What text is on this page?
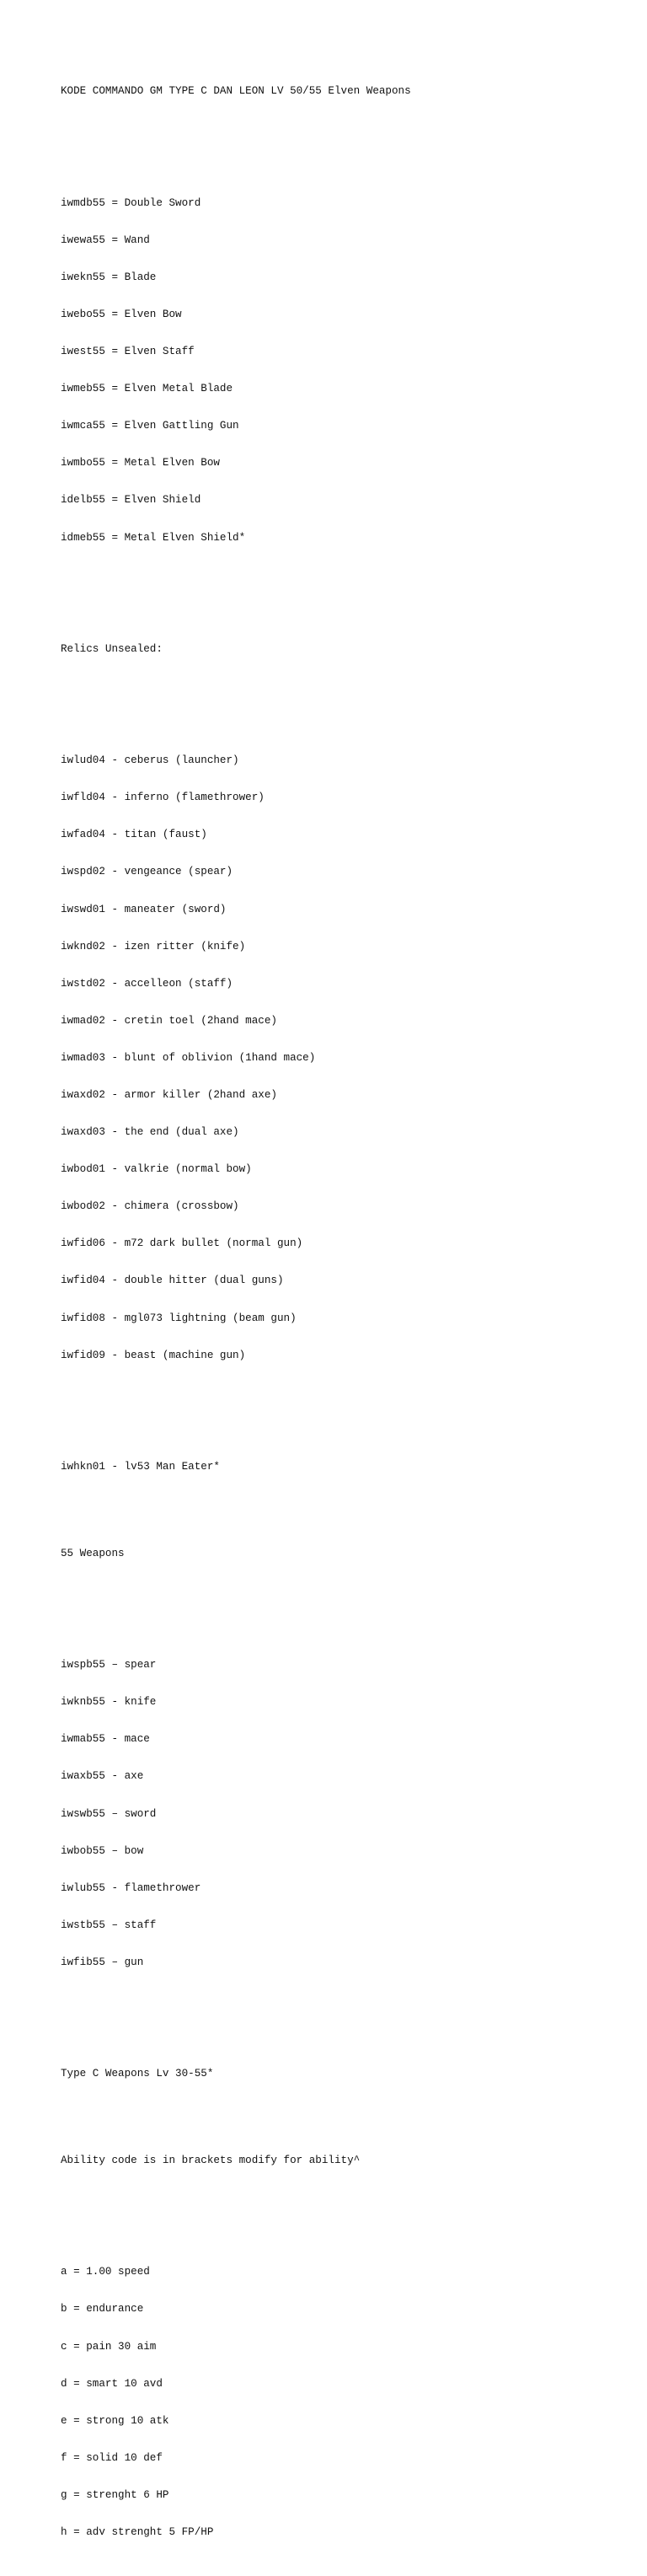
KODE COMMANDO GM TYPE C DAN LEON LV 50/55 Elven Weapons

iwmdb55 = Double Sword

iwewa55 = Wand

iwekn55 = Blade

iwebo55 = Elven Bow

iwest55 = Elven Staff

iwmeb55 = Elven Metal Blade

iwmca55 = Elven Gattling Gun

iwmbo55 = Metal Elven Bow

idelb55 = Elven Shield

idmeb55 = Metal Elven Shield*

Relics Unsealed:

iwlud04 - ceberus (launcher)

iwfld04 - inferno (flamethrower)

iwfad04 - titan (faust)

iwspd02 - vengeance (spear)

iwswd01 - maneater (sword)

iwknd02 - izen ritter (knife)

iwstd02 - accelleon (staff)

iwmad02 - cretin toel (2hand mace)

iwmad03 - blunt of oblivion (1hand mace)

iwaxd02 - armor killer (2hand axe)

iwaxd03 - the end (dual axe)

iwbod01 - valkrie (normal bow)

iwbod02 - chimera (crossbow)

iwfid06 - m72 dark bullet (normal gun)

iwfid04 - double hitter (dual guns)

iwfid08 - mgl073 lightning (beam gun)

iwfid09 - beast (machine gun)

iwhkn01 - lv53 Man Eater*

55 Weapons

iwspb55 – spear

iwknb55 - knife

iwmab55 - mace

iwaxb55 - axe

iwswb55 – sword

iwbob55 – bow

iwlub55 - flamethrower

iwstb55 – staff

iwfib55 – gun

Type C Weapons Lv 30-55*

Ability code is in brackets modify for ability^

a = 1.00 speed

b = endurance

c = pain 30 aim

d = smart 10 avd

e = strong 10 atk

f = solid 10 def

g = strenght 6 HP

h = adv strenght 5 FP/HP
